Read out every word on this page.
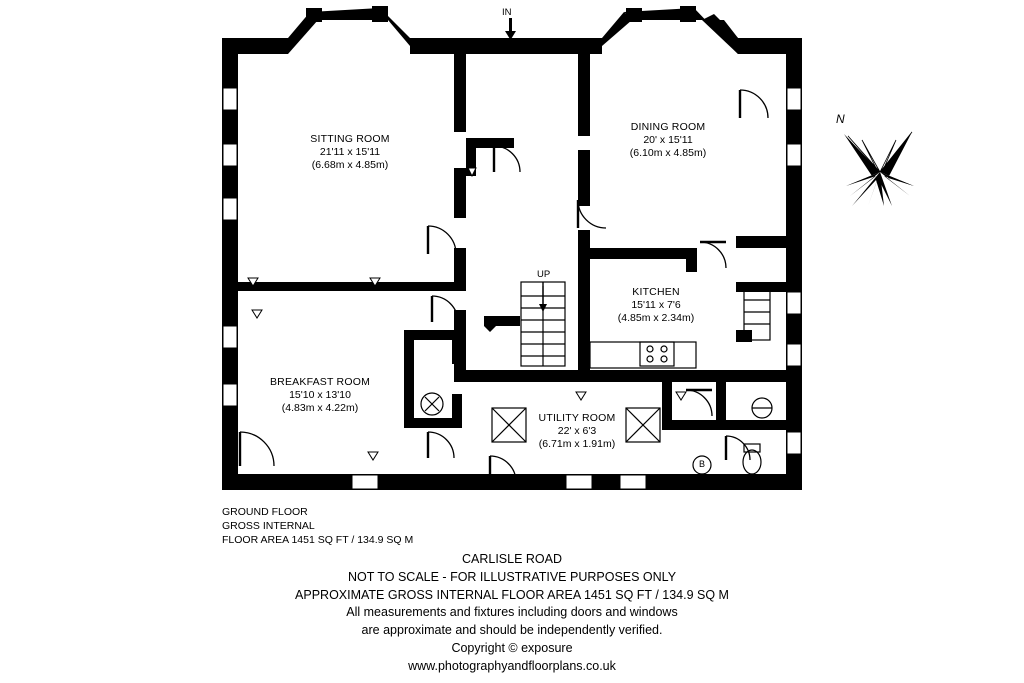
SITTING ROOM
21'11 x 15'11
(6.68m x 4.85m)
DINING ROOM
20' x 15'11
(6.10m x 4.85m)
KITCHEN
15'11 x 7'6
(4.85m x 2.34m)
BREAKFAST ROOM
15'10 x 13'10
(4.83m x 4.22m)
UTILITY ROOM
22' x 6'3
(6.71m x 1.91m)
IN
UP
B
N
GROUND FLOOR
GROSS INTERNAL
FLOOR AREA 1451 SQ FT / 134.9 SQ M
CARLISLE ROAD
NOT TO SCALE - FOR ILLUSTRATIVE PURPOSES ONLY
APPROXIMATE GROSS INTERNAL FLOOR AREA 1451 SQ FT / 134.9 SQ M
All measurements and fixtures including doors and windows
are approximate and should be independently verified.
Copyright © exposure
www.photographyandfloorplans.co.uk
